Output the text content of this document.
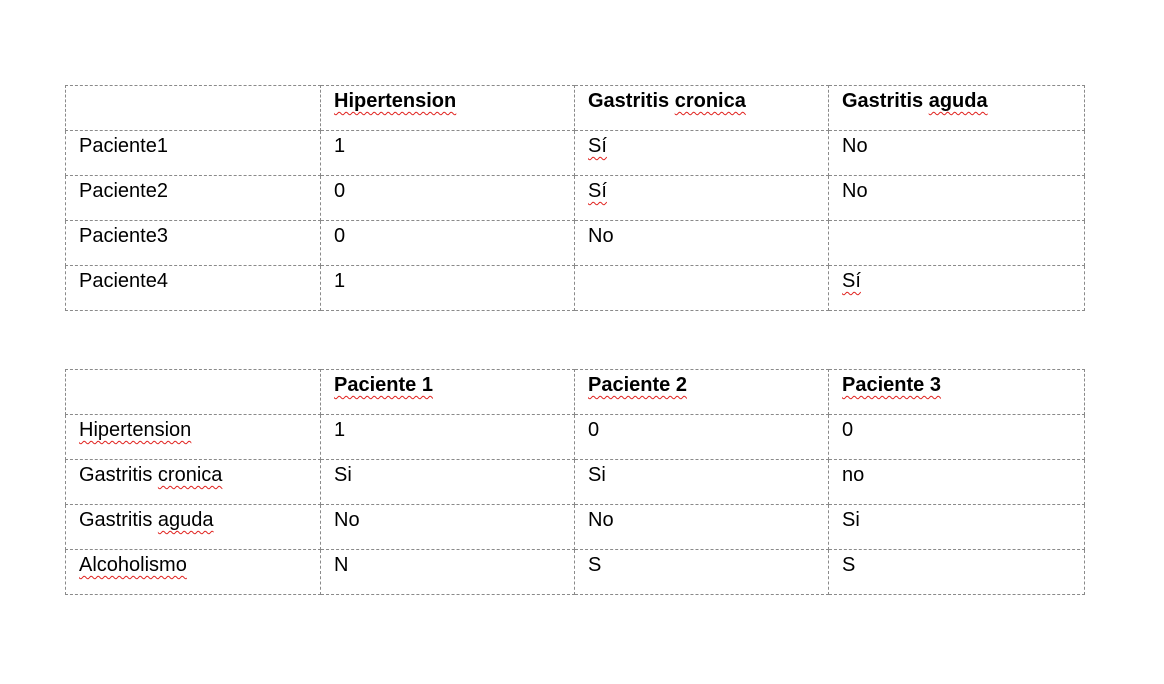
	Hipertension	Gastritis cronica	Gastritis aguda
Paciente1	1	Sí	No
Paciente2	0	Sí	No
Paciente3	0	No	
Paciente4	1		Sí
	Paciente 1	Paciente 2	Paciente 3
Hipertension	1	0	0
Gastritis cronica	Si	Si	no
Gastritis aguda	No	No	Si
Alcoholismo	N	S	S
